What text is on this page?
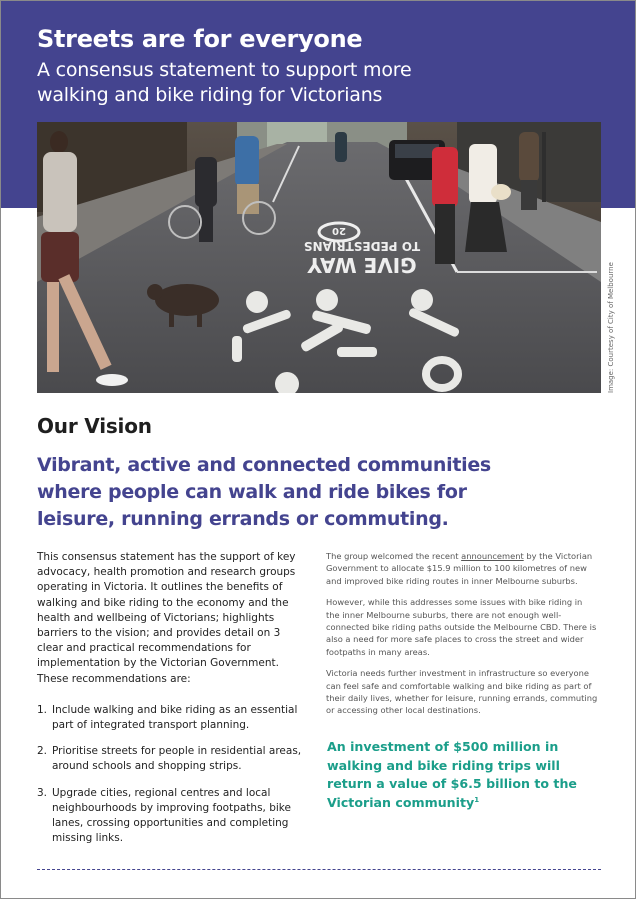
Streets are for everyone

A consensus statement to support more walking and bike riding for Victorians

20
GIVE WAY
TO PEDESTRIANS
Image: Courtesy of City of Melbourne
Our Vision

Vibrant, active and connected communities where people can walk and ride bikes for leisure, running errands or commuting.

This consensus statement has the support of key advocacy, health promotion and research groups operating in Victoria. It outlines the benefits of walking and bike riding to the economy and the health and wellbeing of Victorians; highlights barriers to the vision; and provides detail on 3 clear and practical recommendations for implementation by the Victorian Government. These recommendations are:

1. Include walking and bike riding as an essential part of integrated transport planning.
2. Prioritise streets for people in residential areas, around schools and shopping strips.
3. Upgrade cities, regional centres and local neighbourhoods by improving footpaths, bike lanes, crossing opportunities and completing missing links.

The group welcomed the recent announcement by the Victorian Government to allocate $15.9 million to 100 kilometres of new and improved bike riding routes in inner Melbourne suburbs.

However, while this addresses some issues with bike riding in the inner Melbourne suburbs, there are not enough well-connected bike riding paths outside the Melbourne CBD. There is also a need for more safe places to cross the street and wider footpaths in many areas.

Victoria needs further investment in infrastructure so everyone can feel safe and comfortable walking and bike riding as part of their daily lives, whether for leisure, running errands, commuting or accessing other local destinations.

An investment of $500 million in walking and bike riding trips will return a value of $6.5 billion to the Victorian community$^1$
